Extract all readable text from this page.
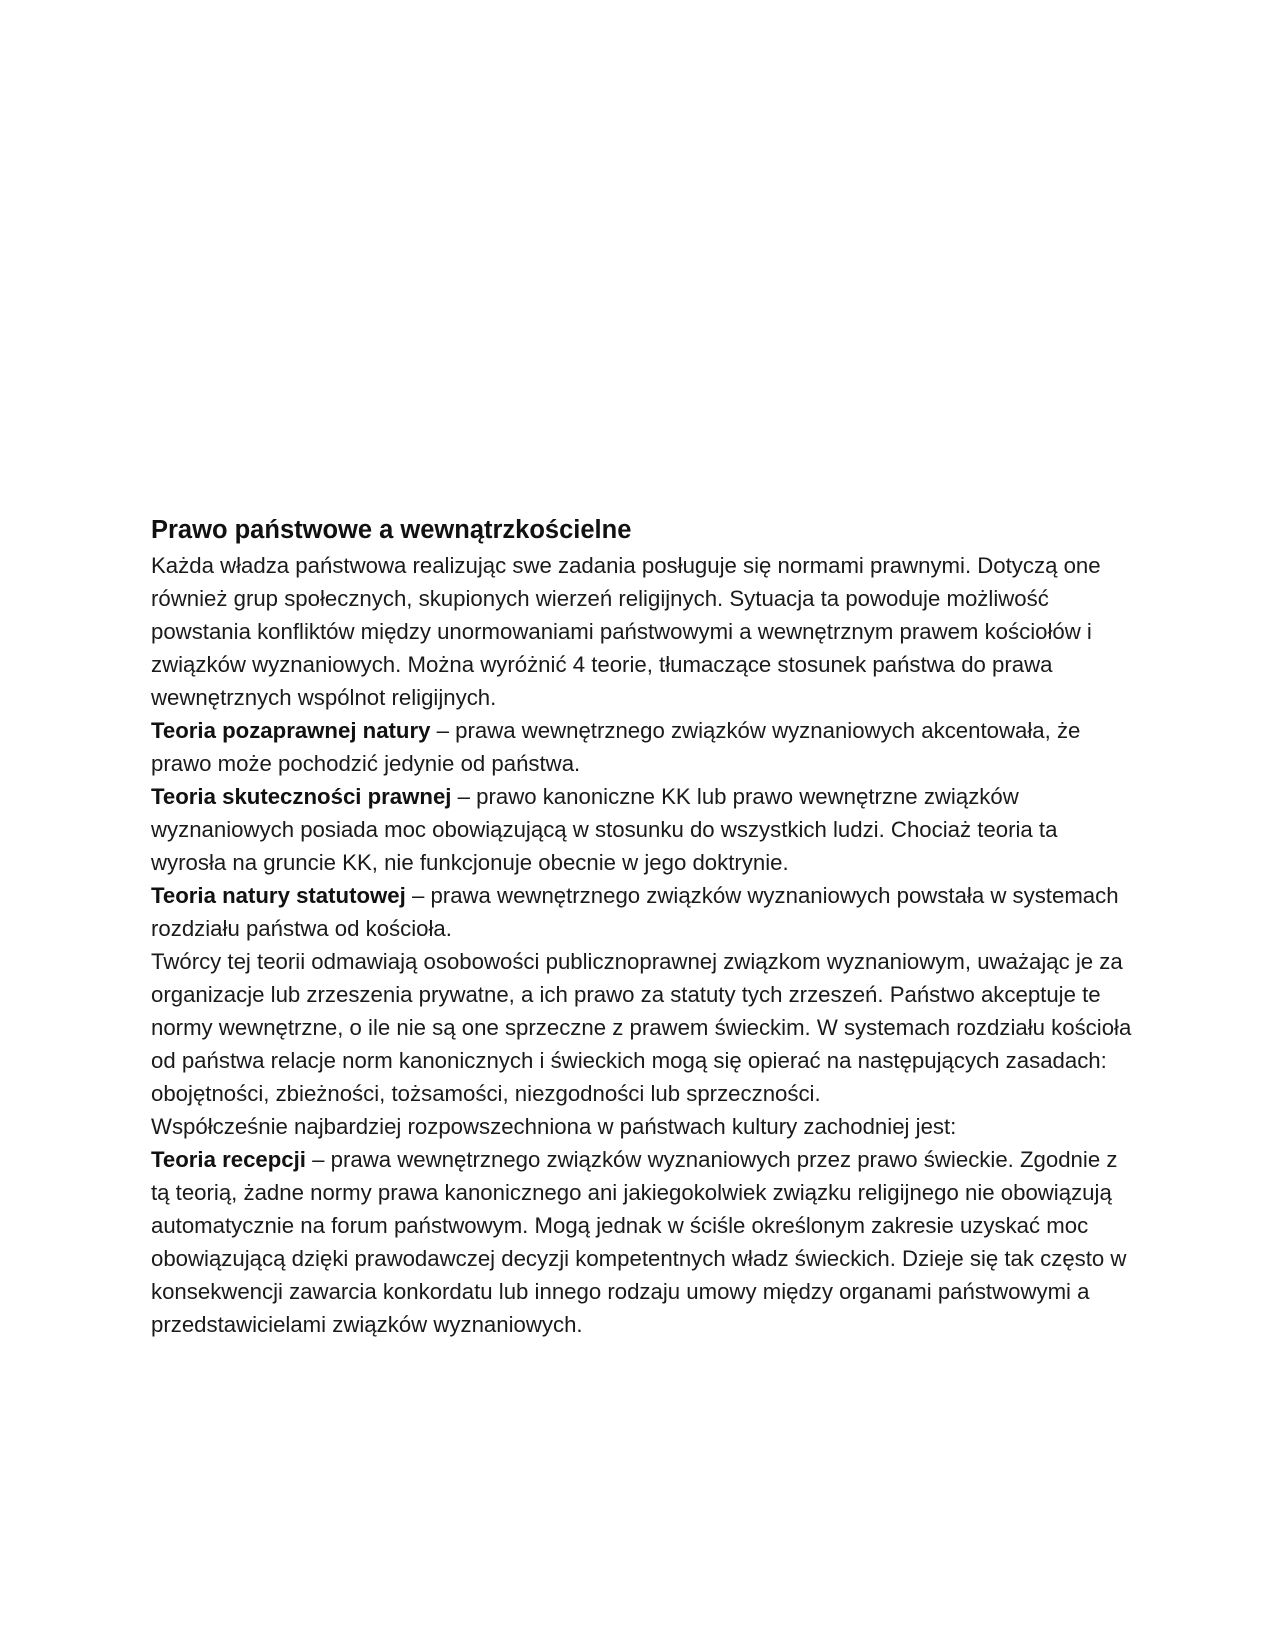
Prawo państwowe a wewnątrzkościelne

Każda władza państwowa realizując swe zadania posługuje się normami prawnymi. Dotyczą one również grup społecznych, skupionych wierzeń religijnych. Sytuacja ta powoduje możliwość powstania konfliktów między unormowaniami państwowymi a wewnętrznym prawem kościołów i związków wyznaniowych. Można wyróżnić 4 teorie, tłumaczące stosunek państwa do prawa wewnętrznych wspólnot religijnych.

Teoria pozaprawnej natury – prawa wewnętrznego związków wyznaniowych akcentowała, że prawo może pochodzić jedynie od państwa.

Teoria skuteczności prawnej – prawo kanoniczne KK lub prawo wewnętrzne związków wyznaniowych posiada moc obowiązującą w stosunku do wszystkich ludzi. Chociaż teoria ta wyrosła na gruncie KK, nie funkcjonuje obecnie w jego doktrynie.

Teoria natury statutowej – prawa wewnętrznego związków wyznaniowych powstała w systemach rozdziału państwa od kościoła.

Twórcy tej teorii odmawiają osobowości publicznoprawnej związkom wyznaniowym, uważając je za organizacje lub zrzeszenia prywatne, a ich prawo za statuty tych zrzeszeń. Państwo akceptuje te normy wewnętrzne, o ile nie są one sprzeczne z prawem świeckim. W systemach rozdziału kościoła od państwa relacje norm kanonicznych i świeckich mogą się opierać na następujących zasadach: obojętności, zbieżności, tożsamości, niezgodności lub sprzeczności.

Współcześnie najbardziej rozpowszechniona w państwach kultury zachodniej jest:

Teoria recepcji – prawa wewnętrznego związków wyznaniowych przez prawo świeckie. Zgodnie z tą teorią, żadne normy prawa kanonicznego ani jakiegokolwiek związku religijnego nie obowiązują automatycznie na forum państwowym. Mogą jednak w ściśle określonym zakresie uzyskać moc obowiązującą dzięki prawodawczej decyzji kompetentnych władz świeckich. Dzieje się tak często w konsekwencji zawarcia konkordatu lub innego rodzaju umowy między organami państwowymi a przedstawicielami związków wyznaniowych.
